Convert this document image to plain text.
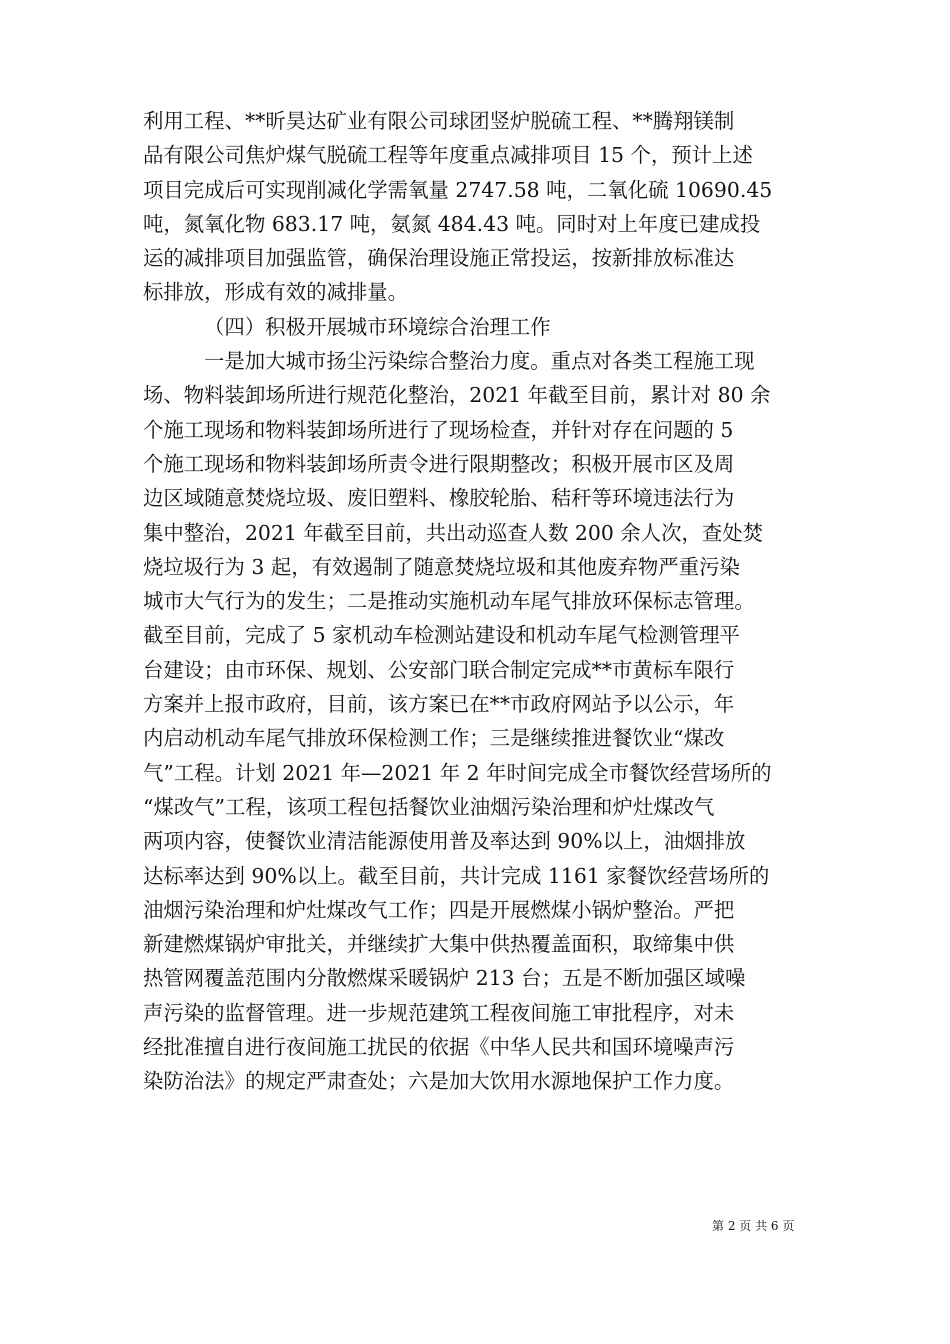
利用工程、**昕昊达矿业有限公司球团竖炉脱硫工程、**腾翔镁制
品有限公司焦炉煤气脱硫工程等年度重点减排项目 15 个，预计上述
项目完成后可实现削减化学需氧量 2747.58 吨，二氧化硫 10690.45
吨，氮氧化物 683.17 吨，氨氮 484.43 吨。同时对上年度已建成投
运的减排项目加强监管，确保治理设施正常投运，按新排放标准达
标排放，形成有效的减排量。
（四）积极开展城市环境综合治理工作
一是加大城市扬尘污染综合整治力度。重点对各类工程施工现
场、物料装卸场所进行规范化整治，2021 年截至目前，累计对 80 余
个施工现场和物料装卸场所进行了现场检查，并针对存在问题的 5
个施工现场和物料装卸场所责令进行限期整改；积极开展市区及周
边区域随意焚烧垃圾、废旧塑料、橡胶轮胎、秸秆等环境违法行为
集中整治，2021 年截至目前，共出动巡查人数 200 余人次，查处焚
烧垃圾行为 3 起，有效遏制了随意焚烧垃圾和其他废弃物严重污染
城市大气行为的发生；二是推动实施机动车尾气排放环保标志管理。
截至目前，完成了 5 家机动车检测站建设和机动车尾气检测管理平
台建设；由市环保、规划、公安部门联合制定完成**市黄标车限行
方案并上报市政府，目前，该方案已在**市政府网站予以公示，年
内启动机动车尾气排放环保检测工作；三是继续推进餐饮业“煤改
气”工程。计划 2021 年—2021 年 2 年时间完成全市餐饮经营场所的
“煤改气”工程，该项工程包括餐饮业油烟污染治理和炉灶煤改气
两项内容，使餐饮业清洁能源使用普及率达到 90%以上，油烟排放
达标率达到 90%以上。截至目前，共计完成 1161 家餐饮经营场所的
油烟污染治理和炉灶煤改气工作；四是开展燃煤小锅炉整治。严把
新建燃煤锅炉审批关，并继续扩大集中供热覆盖面积，取缔集中供
热管网覆盖范围内分散燃煤采暖锅炉 213 台；五是不断加强区域噪
声污染的监督管理。进一步规范建筑工程夜间施工审批程序，对未
经批准擅自进行夜间施工扰民的依据《中华人民共和国环境噪声污
染防治法》的规定严肃查处；六是加大饮用水源地保护工作力度。
第 2 页 共 6 页
